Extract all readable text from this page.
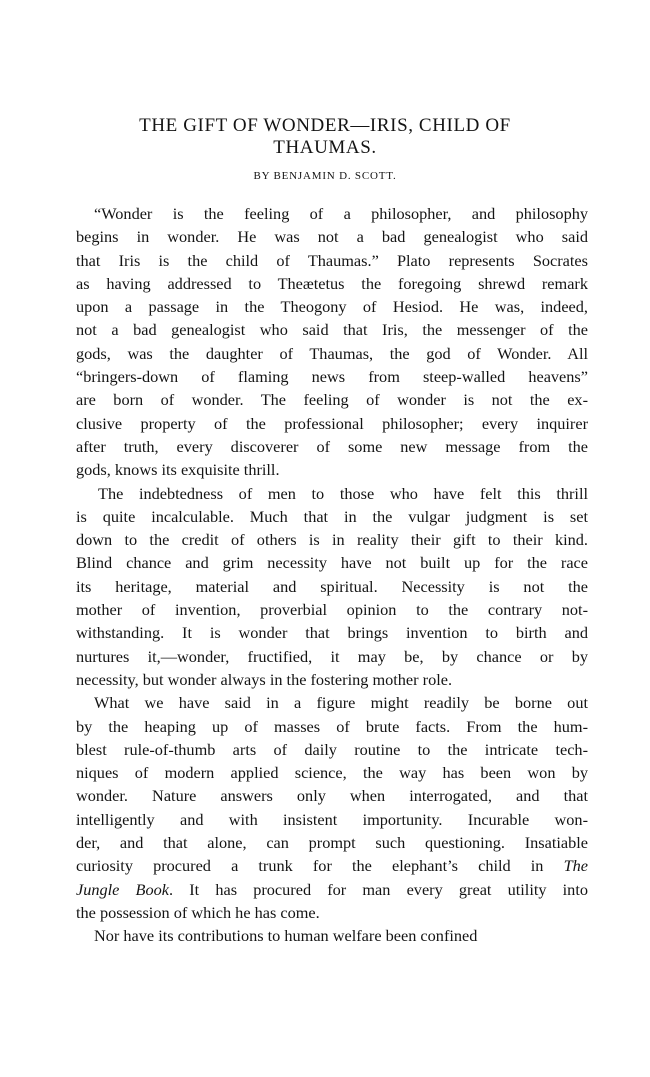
THE GIFT OF WONDER—IRIS, CHILD OF
THAUMAS.

BY BENJAMIN D. SCOTT.

“Wonder is the feeling of a philosopher, and philosophy
begins in wonder. He was not a bad genealogist who said
that Iris is the child of Thaumas.” Plato represents Socrates
as having addressed to Theætetus the foregoing shrewd remark
upon a passage in the Theogony of Hesiod. He was, indeed,
not a bad genealogist who said that Iris, the messenger of the
gods, was the daughter of Thaumas, the god of Wonder. All
“bringers-down of flaming news from steep-walled heavens”
are born of wonder. The feeling of wonder is not the ex-
clusive property of the professional philosopher; every inquirer
after truth, every discoverer of some new message from the
gods, knows its exquisite thrill.
The indebtedness of men to those who have felt this thrill
is quite incalculable. Much that in the vulgar judgment is set
down to the credit of others is in reality their gift to their kind.
Blind chance and grim necessity have not built up for the race
its heritage, material and spiritual. Necessity is not the
mother of invention, proverbial opinion to the contrary not-
withstanding. It is wonder that brings invention to birth and
nurtures it,—wonder, fructified, it may be, by chance or by
necessity, but wonder always in the fostering mother role.
What we have said in a figure might readily be borne out
by the heaping up of masses of brute facts. From the hum-
blest rule-of-thumb arts of daily routine to the intricate tech-
niques of modern applied science, the way has been won by
wonder. Nature answers only when interrogated, and that
intelligently and with insistent importunity. Incurable won-
der, and that alone, can prompt such questioning. Insatiable
curiosity procured a trunk for the elephant’s child in The
Jungle Book. It has procured for man every great utility into
the possession of which he has come.
Nor have its contributions to human welfare been confined
